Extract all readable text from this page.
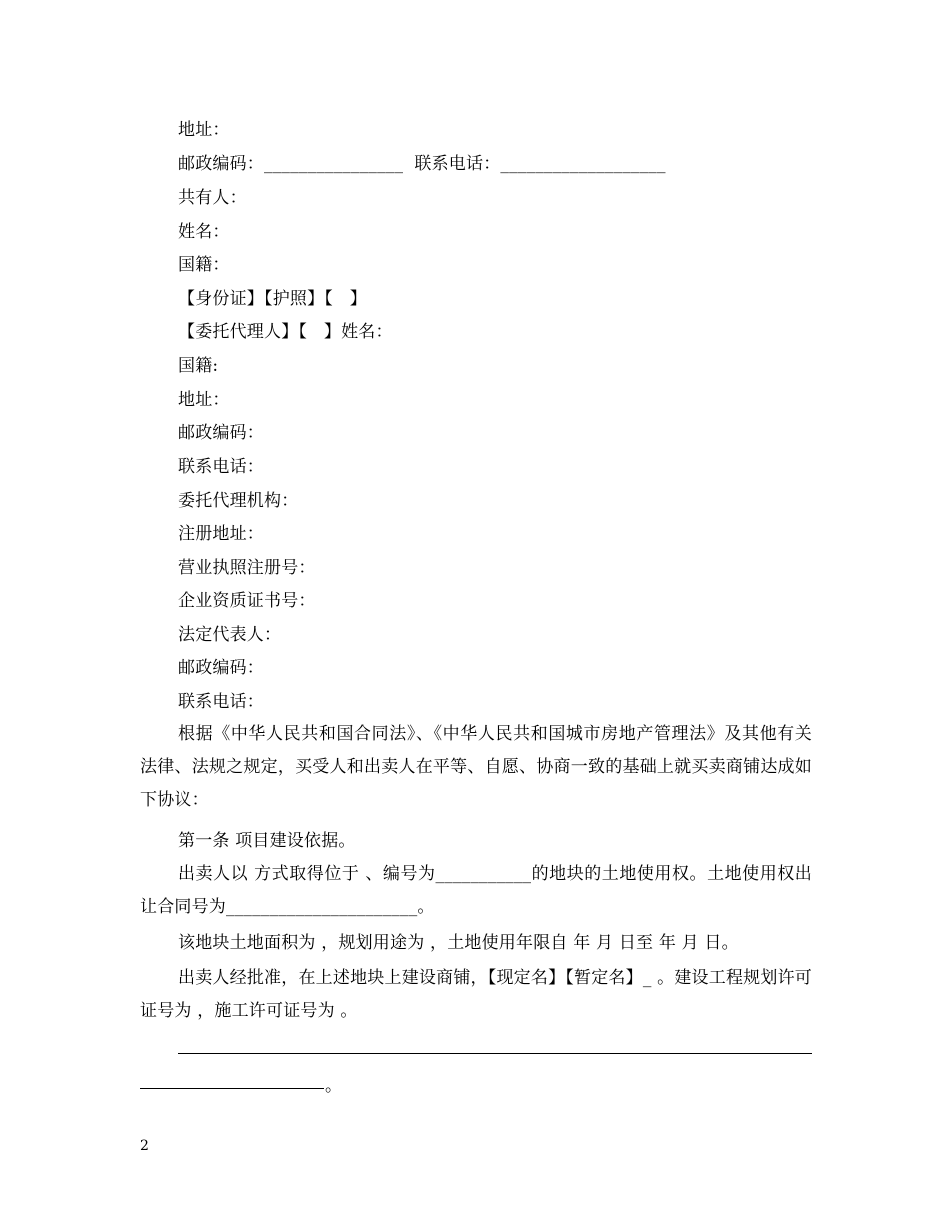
地址：
邮政编码：________________  联系电话：___________________
共有人：
姓名：
国籍：
【身份证】【护照】【   】
【委托代理人】【   】姓名：
国籍:
地址：
邮政编码：
联系电话：
委托代理机构：
注册地址：
营业执照注册号：
企业资质证书号：
法定代表人：
邮政编码：
联系电话：
根据《中华人民共和国合同法》、《中华人民共和国城市房地产管理法》及其他有关法律、法规之规定，买受人和出卖人在平等、自愿、协商一致的基础上就买卖商铺达成如下协议：
第一条 项目建设依据。
出卖人以 方式取得位于 、编号为___________的地块的土地使用权。土地使用权出让合同号为______________________。
该地块土地面积为 ，规划用途为 ，土地使用年限自 年 月 日至 年 月 日。
出卖人经批准，在上述地块上建设商铺，【现定名】【暂定名】_ 。建设工程规划许可证号为 ，施工许可证号为 。
。
2
